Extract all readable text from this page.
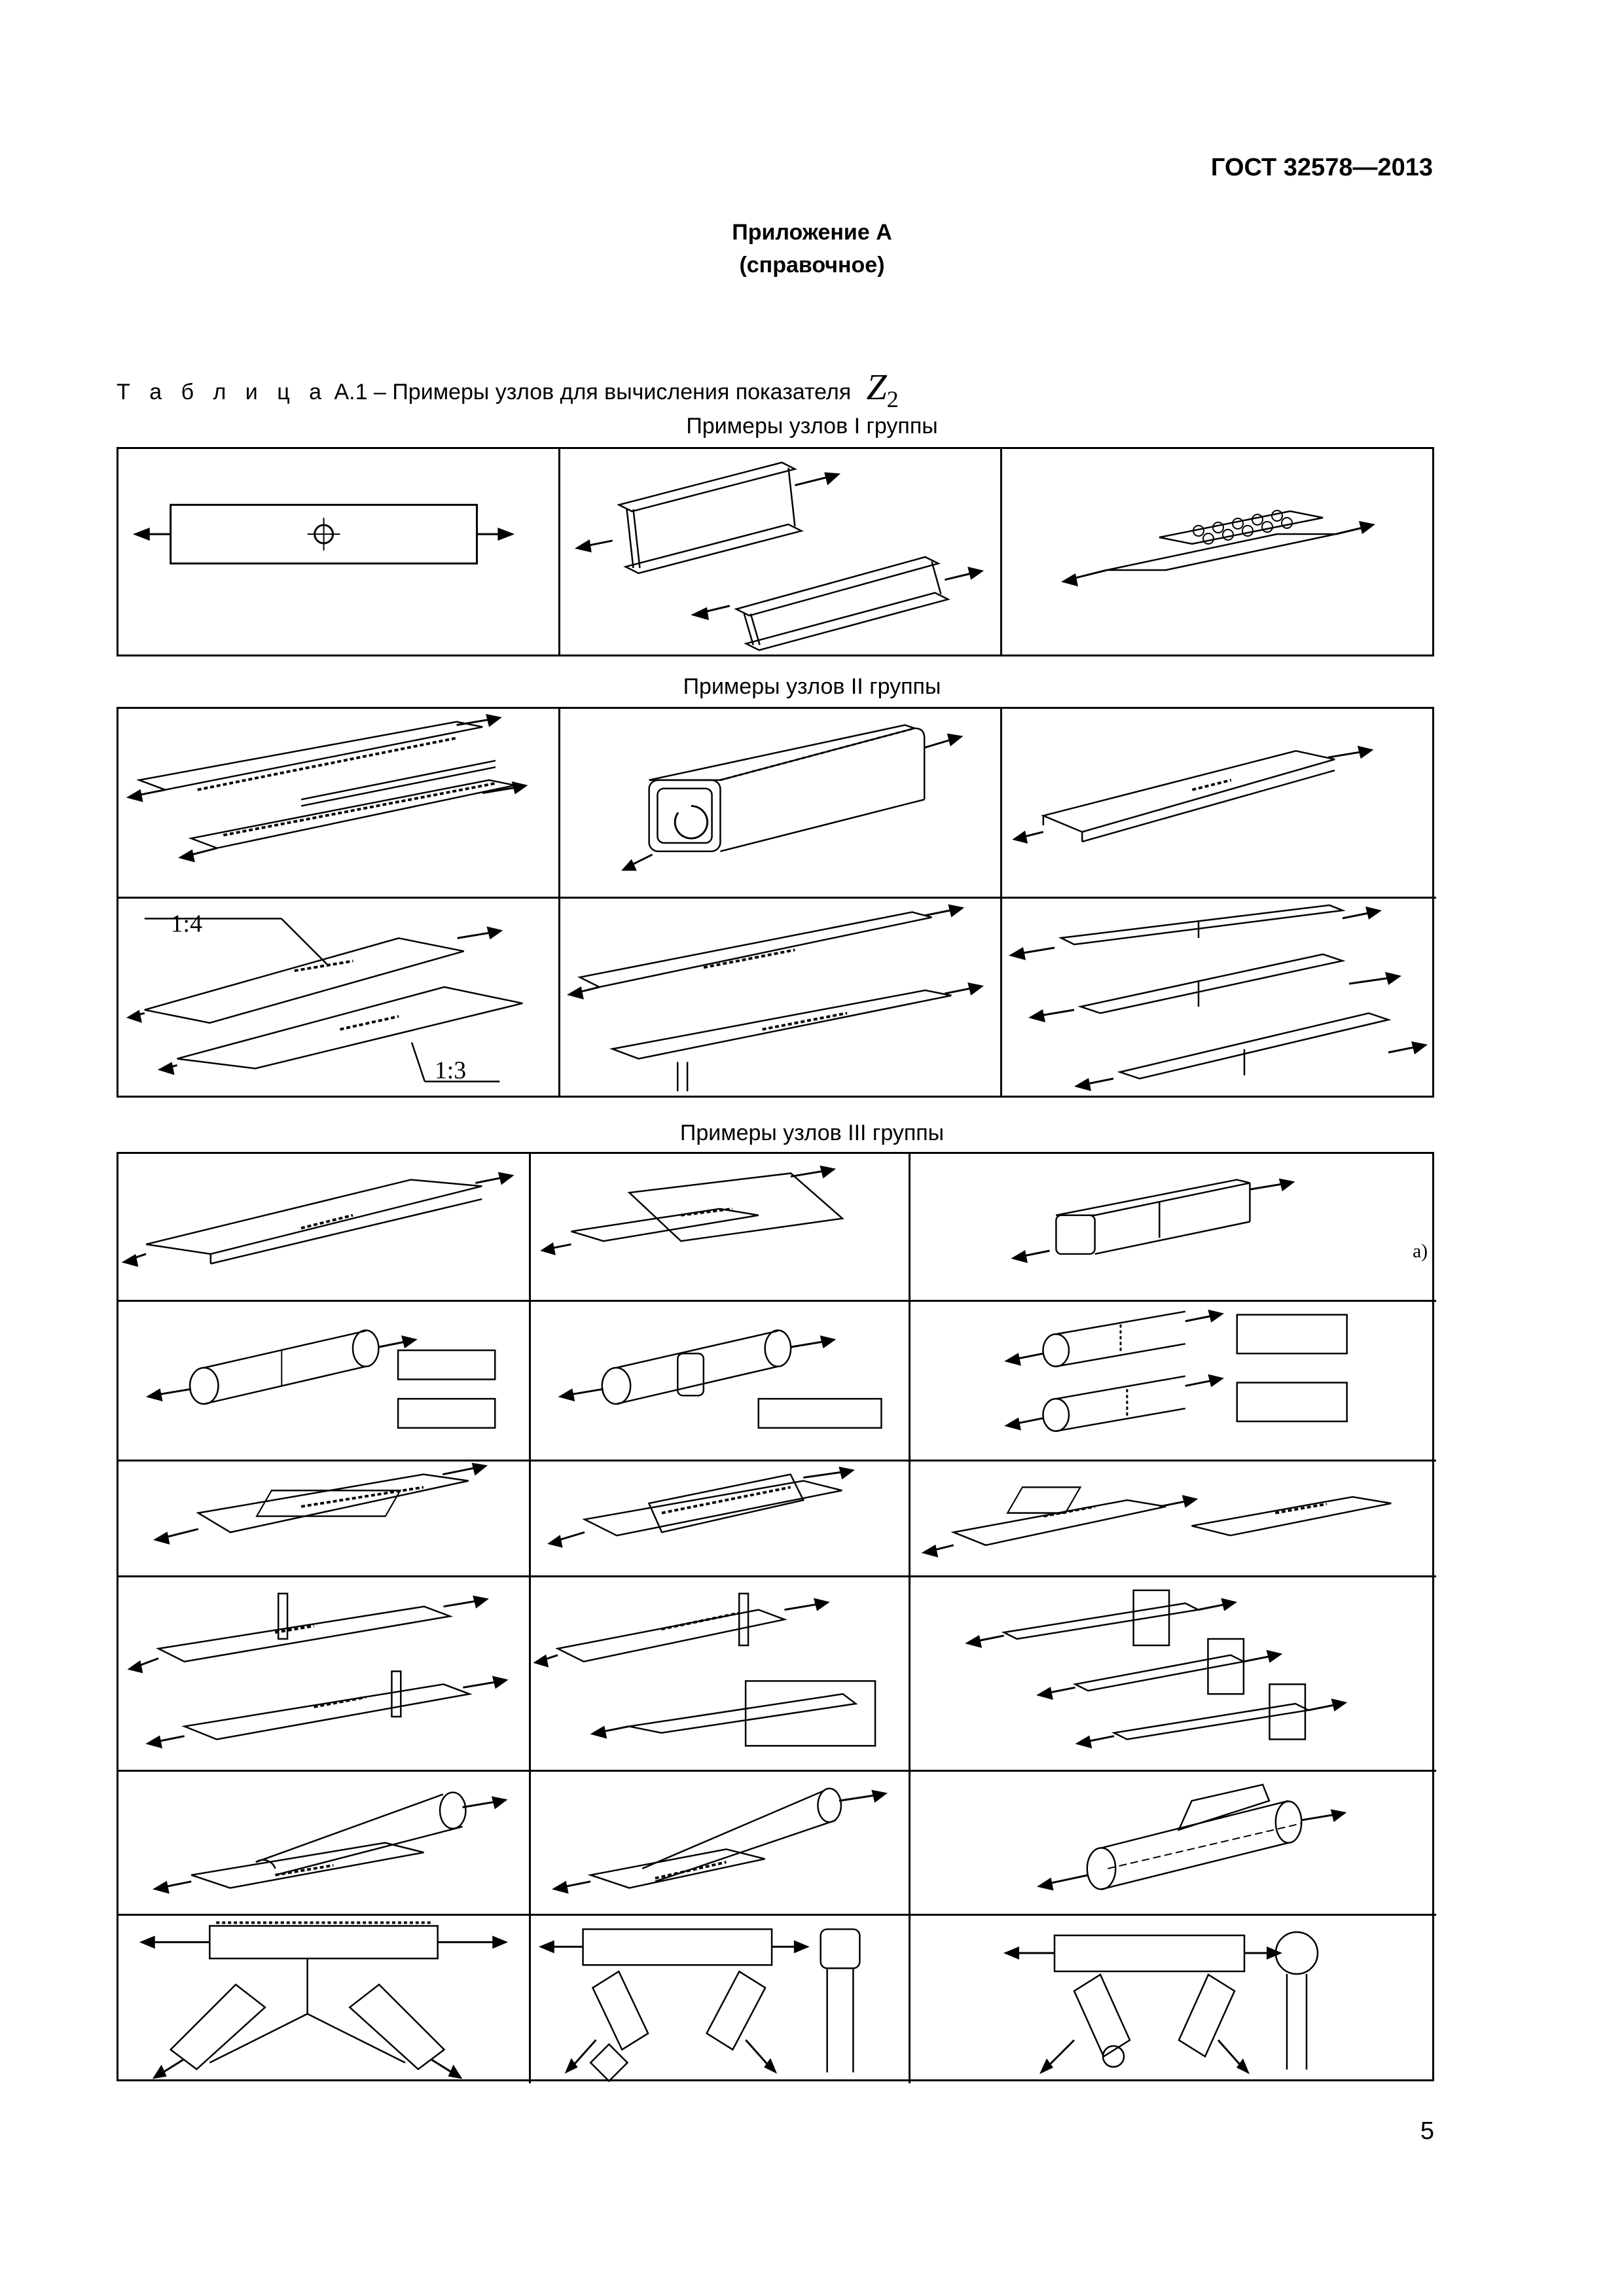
ГОСТ 32578—2013
Приложение А
(справочное)
Т а б л и ц а А.1 – Примеры узлов для вычисления показателя $Z_2$
Примеры узлов I группы
Примеры узлов II группы
1:4
1:3
Примеры узлов III группы
а)
5
